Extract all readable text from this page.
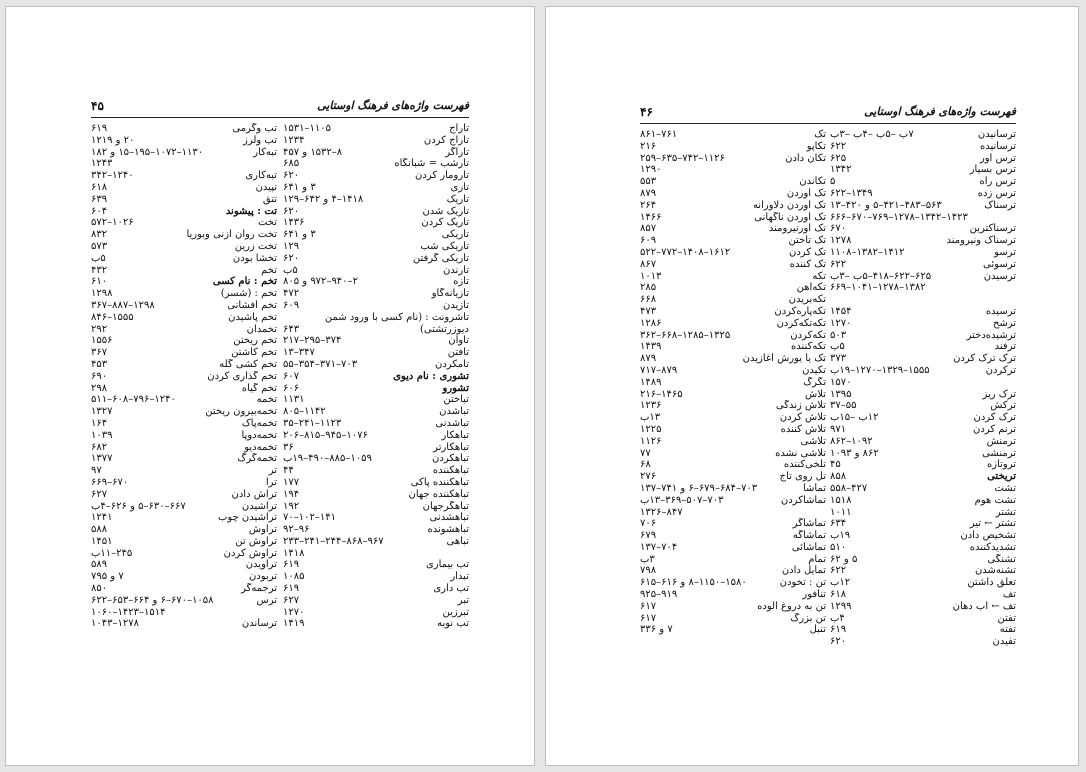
۴۵	فهرست واژه‌های فرهنگ اوستایی
تاراج
۱۱۰۵–۱۵۳۱
تاراج کردن
۱۲۳۴
تاراگر
۸–۱۵۳۲ و ۴۵۷
تارشب = شبانگاه
۶۸۵
تارومار کردن
۶۲۰
تاری
۳ و ۶۴۱
تاریک
۱۴۱۸–۴ و ۶۴۲–۱۲۹
تاریک شدن
۶۲۰
تاریک کردن
۱۴۳۶
تاریکی
۳ و ۶۴۱
تاریکی شب
۱۲۹
تاریکی گرفتن
۶۲۰
تارندن
۵ب
تازه
۲–۹۴۰–۹۷۲ و ۸۰۵
تازیانه‌گاو
۴۷۲
تازیدن
۶۰۹
تاشرونت : (نام کسی با ورود شمن
دیوزرتشتی)
۶۴۳
تاوان
۳۷۴–۲۹۵–۲۱۷
تافتن
۳۴۷–۱۳
تامکردن
۷۰۳–۳۷۱–۳۵۴–۵۵
تشوری : نام دیوی
۶۰۷
تشورو
۶۰۶
تباختن
۱۱۳۱
تباشدن
۱۱۴۲–۸۰۵
تباشدنی
۱۱۲۳–۲۴۱–۳۵
تباهکار
۱۰۷۶–۹۴۵–۸۱۵–۲۰۶
تباهکارتر
۳۶
تباهکردن
۱۰۵۹–۸۸۵–۴۹۰–۱۹ب
تباهکننده
۴۴
تباهکننده پاکی
۱۷۷
تباهکننده جهان
۱۹۴
تباهگرجهان
۱۹۲
تباهشدنی
۱۴۱–۱۰۲–۷۰
تباهشونده
۹۶–۹۲
تباهی
۹۶۷–۸۶۸–۲۴۴–۲۴۱–۲۳۳
۱۴۱۸
تب بیماری
۶۱۹
تبدار
۱۰۸۵
تب داری
۶۱۹
تبر
۶۲۷
تبرزین
۱۲۷۰
تب نوبه
۱۴۱۹
تب وگرمی
۶۱۹
تب ولرز
۲۰ و ۱۲۱۹
تبه‌کار
۱۱۳۰–۱۰۷۲–۱۹۵–۱۵ و ۱۸۲
۱۲۴۳
تبه‌کاری
۱۲۴۰–۳۴۲
تپیدن
۶۱۸
تتق
۶۳۹
تت : پیشوند
۶۰۴
تخت
۱۰۲۶–۵۷۲
تخت روان ازنی وبوریا
۸۳۲
تخت زرین
۵۷۳
تخشا بودن
۵ب
تخم
۴۳۲
تخم : نام کسی
۶۱۰
تخم : (شسر)
۱۲۹۸
تخم افشانی
۱۲۹۸–۸۸۷–۳۶۷
تخم پاشیدن
۱۵۵۵–۸۴۶
تخمدان
۲۹۲
تخم ریختن
۱۵۵۶
تخم کاشتن
۳۶۷
تخم کشی گله
۴۵۳
تخم گذاری کردن
۶۹۰
تخم گیاه
۲۹۸
تخمه
۱۲۴۰–۷۹۶–۶۰۸–۵۱۱
تخمه‌بیرون ریختن
۱۳۲۷
تخمه‌پاک
۱۶۴
تخمه‌دوپا
۱۰۳۹
تخمه‌دیو
۶۸۲
تخمه‌گرگ
۱۳۷۷
تر
۹۷
ترا
۶۷۰–۶۶۹
تراش دادن
۶۲۷
تراشیدن
۶۶۷–۶۳۰–۵ و ۶۲۶–۴ب
تراشیدن چوب
۱۲۴۱
تراوش
۵۸۸
تراوش تن
۱۴۵۱
تراوش کردن
۲۴۵–۱۱ب
تراویدن
۵۸۹
تربودن
۷ و ۷۹۵
ترجمه‌گر
۸۵۰
ترس
۱۰۵۸–۶۷۰–۶ و ۶۶۴–۶۵۳–۶۲۲
۱۵۱۴–۱۴۲۳–۱۰۶۰
ترساندن
۱۲۷۸–۱۰۴۳
۴۶	فهرست واژه‌های فرهنگ اوستایی
ترسانیدن
۷ب –۵ب –۴ب –۳ب
ترسانیده
۶۲۲
ترس آور
۶۲۵
ترس بسیار
۱۳۴۲
ترس راه
۵
ترس زده
۱۳۴۹–۶۲۲
ترسناک
۵۶۳–۴۸۳–۴۲۱–۵ و ۴۲۰–۱۳
۱۴۲۳–۱۳۴۲–۱۲۷۸–۷۶۹–۶۷۰–۶۶۶
ترسناکترین
۶۷۰
ترسناک ونیرومند
۱۲۷۸
ترسو
۱۴۱۲–۱۳۸۲–۱۱۰۸
ترسوئی
۶۲۲
ترسیدن
۶۲۵–۶۲۲–۴۱۸–۵ب –۳ب
۱۳۸۲–۱۲۷۸–۱۰۴۱–۶۶۹
ترسیده
۱۴۵۴
ترشح
۱۲۷۰
ترشیده‌دختر
۵۰۳
ترفند
۵ب
ترک ترک کردن
۳۷۳
ترکردن
۱۵۵۵–۱۳۲۹–۱۲۷۰–۱۹ب
۱۵۷۰
ترک ریز
۱۳۹۵
ترکش
۵۵–۳۷
ترک کردن
۱۲ب –۱۵ب
ترنم کردن
۹۷۱
ترمنش
۱۰۹۲–۸۶۲
ترمنشی
۸۶۲ و ۱۰۹۳
تروتازه
۴۵
تریختی
۸۵۸
تشت
۴۲۷–۵۵۸
تشت هوم
۱۵۱۸
تشتر
۱۰۱۱
تشتر ← تیر
۶۳۴
تشخیص دادن
۱۹ب
تشدیدکننده
۵۱۰
تشنگی
۵ و ۶۲
تشنه‌شدن
۶۲۲
تعلق داشتن
۱۲ب
تف
۶۱۸
تف ← آب دهان
۱۲۹۹
تفتن
۴ب
تفته
۶۱۹
تفیدن
۶۲۰
تک
۷۶۱–۸۶۱
تکاپو
۲۱۶
تکان دادن
۱۱۲۶–۷۴۲–۶۳۵–۲۵۹
۱۲۹۰
تکاندن
۵۵۳
تک آوردن
۸۷۹
تک آوردن دلاورانه
۲۶۴
تک آوردن ناگهانی
۱۴۶۶
تک آورنیرومند
۸۵۷
تک تاختن
۶۰۹
تک کردن
۱۶۱۲–۱۴۰۸–۷۷۲–۵۲۲
تک کننده
۸۶۷
تکه
۱۰۱۳
تکه‌آهن
۲۸۵
تکه‌بریدن
۶۶۸
تکه‌پاره‌کردن
۴۷۳
تکه‌تکه‌کردن
۱۲۸۶
تکه‌کردن
۱۳۲۵–۱۲۸۵–۶۶۸–۳۶۲
تکه‌کننده
۱۴۳۹
تک یا یورش آغازیدن
۸۷۹
تکیدن
۸۷۹–۷۱۷
تگرگ
۱۴۸۹
تلاش
۱۴۶۵–۲۱۶
تلاش زندگی
۱۲۳۶
تلاش کردن
۱۳ب
تلاش کننده
۱۲۲۵
تلاشی
۱۱۲۶
تلاشی نشده
۷۷
تلخی‌کننده
۶۸
تل روی تاج
۲۷۶
تماشا
۷۰۳–۶۸۴–۶۷۹–۶ و ۷۴۱–۱۳۷
تماشاکردن
۷۰۳–۵۰۷–۳۶۹–۱۳ب
۸۴۷–۱۳۲۶
تماشاگر
۷۰۶
تماشاگه
۶۷۹
تماشائی
۷۰۴–۱۳۷
تمام
۳ب
تمایل دادن
۷۹۸
تن : تخودن
۱۵۸۰–۱۱۵۰–۸ و ۶۱۶–۶۱۵
تنافور
۹۱۹–۹۲۵
تن به دروغ آلوده
۶۱۷
تن بزرگ
۶۱۷
تنبل
۷ و ۳۳۶
